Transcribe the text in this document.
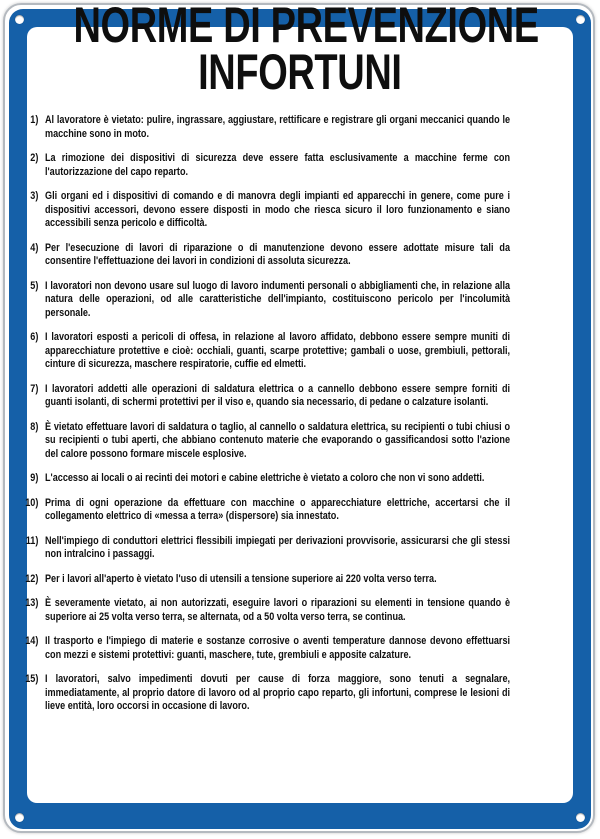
NORME DI PREVENZIONE
INFORTUNI
1) Al lavoratore è vietato: pulire, ingrassare, aggiustare, rettificare e registrare gli organi meccanici quando le macchine sono in moto.
2) La rimozione dei dispositivi di sicurezza deve essere fatta esclusivamente a macchine ferme con l'autorizzazione del capo reparto.
3) Gli organi ed i dispositivi di comando e di manovra degli impianti ed apparecchi in genere, come pure i dispositivi accessori, devono essere disposti in modo che riesca sicuro il loro funzionamento e siano accessibili senza pericolo e difficoltà.
4) Per l'esecuzione di lavori di riparazione o di manutenzione devono essere adottate misure tali da consentire l'effettuazione dei lavori in condizioni di assoluta sicurezza.
5) I lavoratori non devono usare sul luogo di lavoro indumenti personali o abbigliamenti che, in relazione alla natura delle operazioni, od alle caratteristiche dell'impianto, costituiscono pericolo per l'incolumità personale.
6) I lavoratori esposti a pericoli di offesa, in relazione al lavoro affidato, debbono essere sempre muniti di apparecchiature protettive e cioè: occhiali, guanti, scarpe protettive; gambali o uose, grembiuli, pettorali, cinture di sicurezza, maschere respiratorie, cuffie ed elmetti.
7) I lavoratori addetti alle operazioni di saldatura elettrica o a cannello debbono essere sempre forniti di guanti isolanti, di schermi protettivi per il viso e, quando sia necessario, di pedane o calzature isolanti.
8) È vietato effettuare lavori di saldatura o taglio, al cannello o saldatura elettrica, su recipienti o tubi chiusi o su recipienti o tubi aperti, che abbiano contenuto materie che evaporando o gassificandosi sotto l'azione del calore possono formare miscele esplosive.
9) L'accesso ai locali o ai recinti dei motori e cabine elettriche è vietato a coloro che non vi sono addetti.
10) Prima di ogni operazione da effettuare con macchine o apparecchiature elettriche, accertarsi che il collegamento elettrico di «messa a terra» (dispersore) sia innestato.
11) Nell'impiego di conduttori elettrici flessibili impiegati per derivazioni provvisorie, assicurarsi che gli stessi non intralcino i passaggi.
12) Per i lavori all'aperto è vietato l'uso di utensili a tensione superiore ai 220 volta verso terra.
13) È severamente vietato, ai non autorizzati, eseguire lavori o riparazioni su elementi in tensione quando è superiore ai 25 volta verso terra, se alternata, od a 50 volta verso terra, se continua.
14) Il trasporto e l'impiego di materie e sostanze corrosive o aventi temperature dannose devono effettuarsi con mezzi e sistemi protettivi: guanti, maschere, tute, grembiuli e apposite calzature.
15) I lavoratori, salvo impedimenti dovuti per cause di forza maggiore, sono tenuti a segnalare, immediatamente, al proprio datore di lavoro od al proprio capo reparto, gli infortuni, comprese le lesioni di lieve entità, loro occorsi in occasione di lavoro.
